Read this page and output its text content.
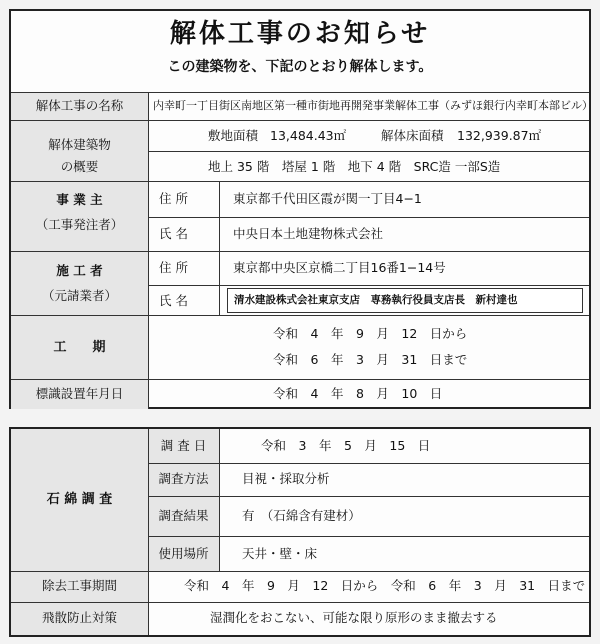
解体工事のお知らせ
この建築物を、下記のとおり解体します。
解体工事の名称	内幸町一丁目街区南地区第一種市街地再開発事業解体工事（みずほ銀行内幸町本部ビル）
解体建築物
の概要
敷地面積 13,484.43㎡	解体床面積 132,939.87㎡
地上 35 階　塔屋 1 階　地下 4 階　SRC造 一部S造
事 業 主
（工事発注者）
住 所	東京都千代田区霞が関一丁目4−1
氏 名	中央日本土地建物株式会社
施 工 者
（元請業者）
住 所	東京都中央区京橋二丁目16番1−14号
氏 名	清水建設株式会社東京支店　専務執行役員支店長　新村達也
工　　期
令和　4　年　9　月　12　日から
令和　6　年　3　月　31　日まで
標識設置年月日	令和　4　年　8　月　10　日
石 綿 調 査
調 査 日	令和　3　年　5　月　15　日
調査方法	目視・採取分析
調査結果	有　（石綿含有建材）
使用場所	天井・壁・床
除去工事期間	令和　4　年　9　月　12　日から　令和　6　年　3　月　31　日まで
飛散防止対策	湿潤化をおこない、可能な限り原形のまま撤去する
